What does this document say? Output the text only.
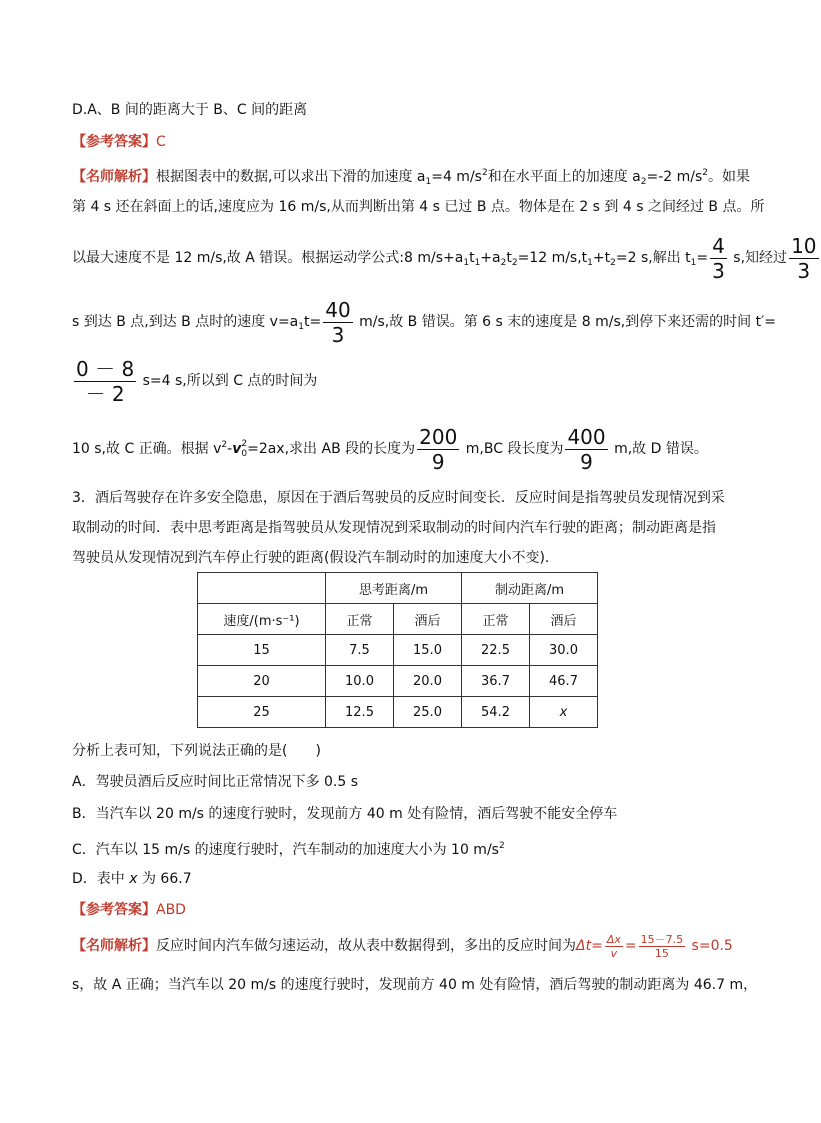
D.A、B 间的距离大于 B、C 间的距离
【参考答案】C
【名师解析】根据图表中的数据,可以求出下滑的加速度 $a_1=4$ $m/s^2$和在水平面上的加速度 $a_2=-2$ $m/s^2$。如果
第 4 s 还在斜面上的话,速度应为 16 m/s,从而判断出第 4 s 已过 B 点。物体是在 2 s 到 4 s 之间经过 B 点。所
以最大速度不是 12 m/s,故 A 错误。根据运动学公式:8 $m/s+a_1t_1+a_2t_2=12$ $m/s,t_1+t_2=2$ s,解出 $t_1= \frac{4}{3} s$,知经过 $\frac{10}{3}$
s 到达 B 点,到达 B 点时的速度 $v=a_1t= \frac{40}{3} m/s$,故 B 错误。第 6 s 末的速度是 8 m/s,到停下来还需的时间 t′=
$\frac{0 - 8}{- 2} s=4$ s,所以到 C 点的时间为
10 s,故 C 正确。根据 $v^2-v$ 2
0 =2ax,求出 AB 段的长度为 $\frac{200}{9} m,BC$ 段长度为 $\frac{400}{9} m$,故 D 错误。
3．酒后驾驶存在许多安全隐患，原因在于酒后驾驶员的反应时间变长．反应时间是指驾驶员发现情况到采
取制动的时间．表中思考距离是指驾驶员从发现情况到采取制动的时间内汽车行驶的距离；制动距离是指
驾驶员从发现情况到汽车停止行驶的距离(假设汽车制动时的加速度大小不变).
	思考距离/m		制动距离/m	
速度/(m·s⁻¹)	正常	酒后	正常	酒后
15	7.5	15.0	22.5	30.0
20	10.0	20.0	36.7	46.7
25	12.5	25.0	54.2	x
分析上表可知，下列说法正确的是(　　)
A．驾驶员酒后反应时间比正常情况下多 0.5 s
B．当汽车以 20 m/s 的速度行驶时，发现前方 40 m 处有险情，酒后驾驶不能安全停车
C．汽车以 15 m/s 的速度行驶时，汽车制动的加速度大小为 10 $m/s^2$
D．表中 x 为 66.7
【参考答案】ABD
【名师解析】反应时间内汽车做匀速运动，故从表中数据得到，多出的反应时间为$\Delta t= \frac{\Delta x}{v} = \frac{15-7.5}{15} s=0.5$
s，故 A 正确；当汽车以 20 m/s 的速度行驶时，发现前方 40 m 处有险情，酒后驾驶的制动距离为 46.7 m，
